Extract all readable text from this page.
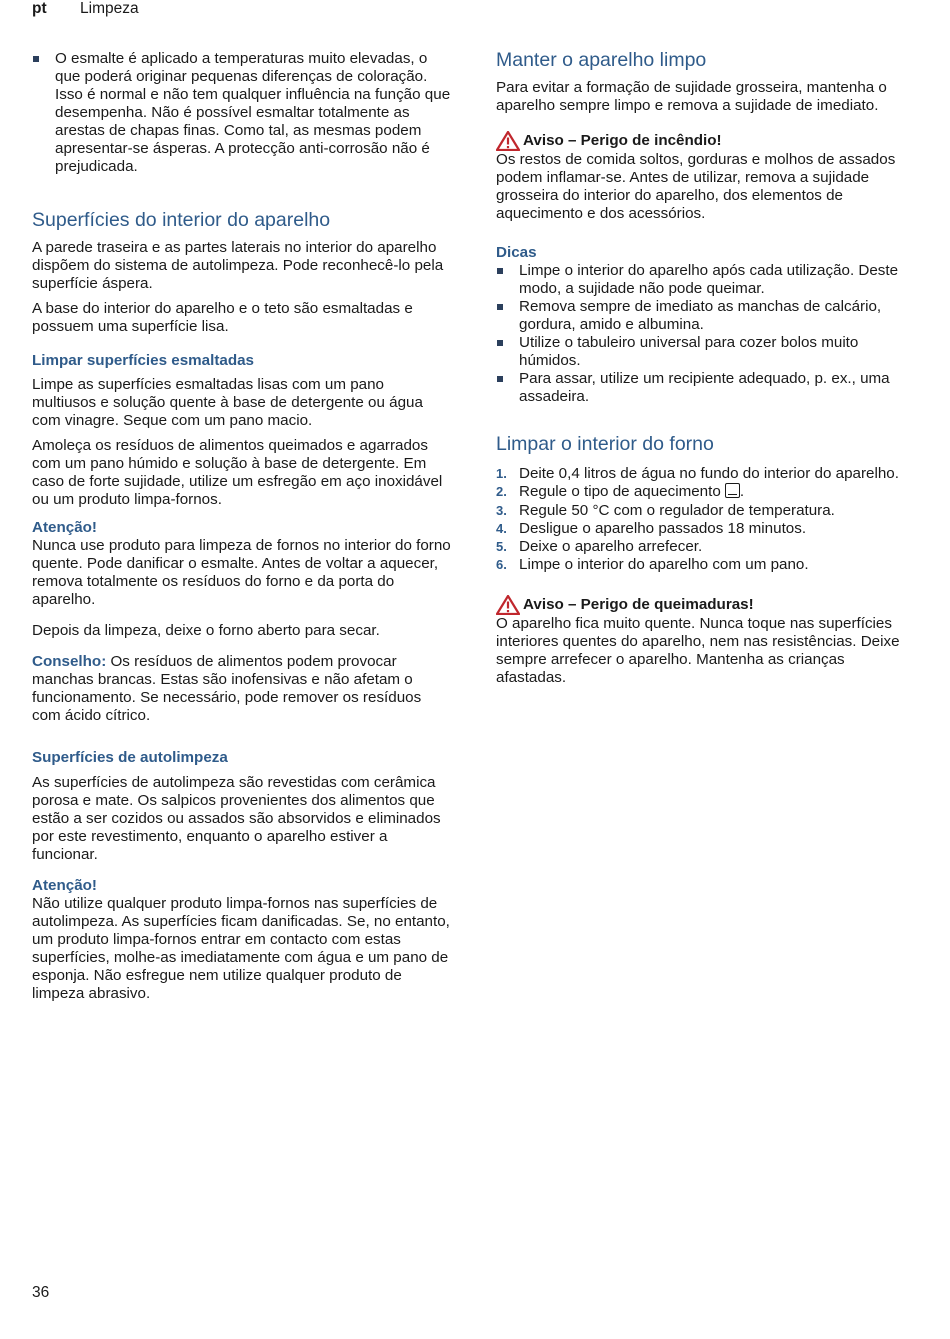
pt Limpeza
O esmalte é aplicado a temperaturas muito elevadas, o que poderá originar pequenas diferenças de coloração. Isso é normal e não tem qualquer influência na função que desempenha. Não é possível esmaltar totalmente as arestas de chapas finas. Como tal, as mesmas podem apresentar-se ásperas. A protecção anti-corrosão não é prejudicada.
Superfícies do interior do aparelho

A parede traseira e as partes laterais no interior do aparelho dispõem do sistema de autolimpeza. Pode reconhecê-lo pela superfície áspera.

A base do interior do aparelho e o teto são esmaltadas e possuem uma superfície lisa.

Limpar superfícies esmaltadas

Limpe as superfícies esmaltadas lisas com um pano multiusos e solução quente à base de detergente ou água com vinagre. Seque com um pano macio.

Amoleça os resíduos de alimentos queimados e agarrados com um pano húmido e solução à base de detergente. Em caso de forte sujidade, utilize um esfregão em aço inoxidável ou um produto limpa-fornos.

Atenção!

Nunca use produto para limpeza de fornos no interior do forno quente. Pode danificar o esmalte. Antes de voltar a aquecer, remova totalmente os resíduos do forno e da porta do aparelho.

Depois da limpeza, deixe o forno aberto para secar.

Conselho: Os resíduos de alimentos podem provocar manchas brancas. Estas são inofensivas e não afetam o funcionamento. Se necessário, pode remover os resíduos com ácido cítrico.

Superfícies de autolimpeza

As superfícies de autolimpeza são revestidas com cerâmica porosa e mate. Os salpicos provenientes dos alimentos que estão a ser cozidos ou assados são absorvidos e eliminados por este revestimento, enquanto o aparelho estiver a funcionar.

Atenção!

Não utilize qualquer produto limpa-fornos nas superfícies de autolimpeza. As superfícies ficam danificadas. Se, no entanto, um produto limpa-fornos entrar em contacto com estas superfícies, molhe-as imediatamente com água e um pano de esponja. Não esfregue nem utilize qualquer produto de limpeza abrasivo.

Manter o aparelho limpo

Para evitar a formação de sujidade grosseira, mantenha o aparelho sempre limpo e remova a sujidade de imediato.

Aviso – Perigo de incêndio!

Os restos de comida soltos, gorduras e molhos de assados podem inflamar-se. Antes de utilizar, remova a sujidade grosseira do interior do aparelho, dos elementos de aquecimento e dos acessórios.

Dicas
Limpe o interior do aparelho após cada utilização. Deste modo, a sujidade não pode queimar.
Remova sempre de imediato as manchas de calcário, gordura, amido e albumina.
Utilize o tabuleiro universal para cozer bolos muito húmidos.
Para assar, utilize um recipiente adequado, p. ex., uma assadeira.
Limpar o interior do forno
1. Deite 0,4 litros de água no fundo do interior do aparelho.
2. Regule o tipo de aquecimento .
3. Regule 50 °C com o regulador de temperatura.
4. Desligue o aparelho passados 18 minutos.
5. Deixe o aparelho arrefecer.
6. Limpe o interior do aparelho com um pano.
Aviso – Perigo de queimaduras!

O aparelho fica muito quente. Nunca toque nas superfícies interiores quentes do aparelho, nem nas resistências. Deixe sempre arrefecer o aparelho. Mantenha as crianças afastadas.

36
